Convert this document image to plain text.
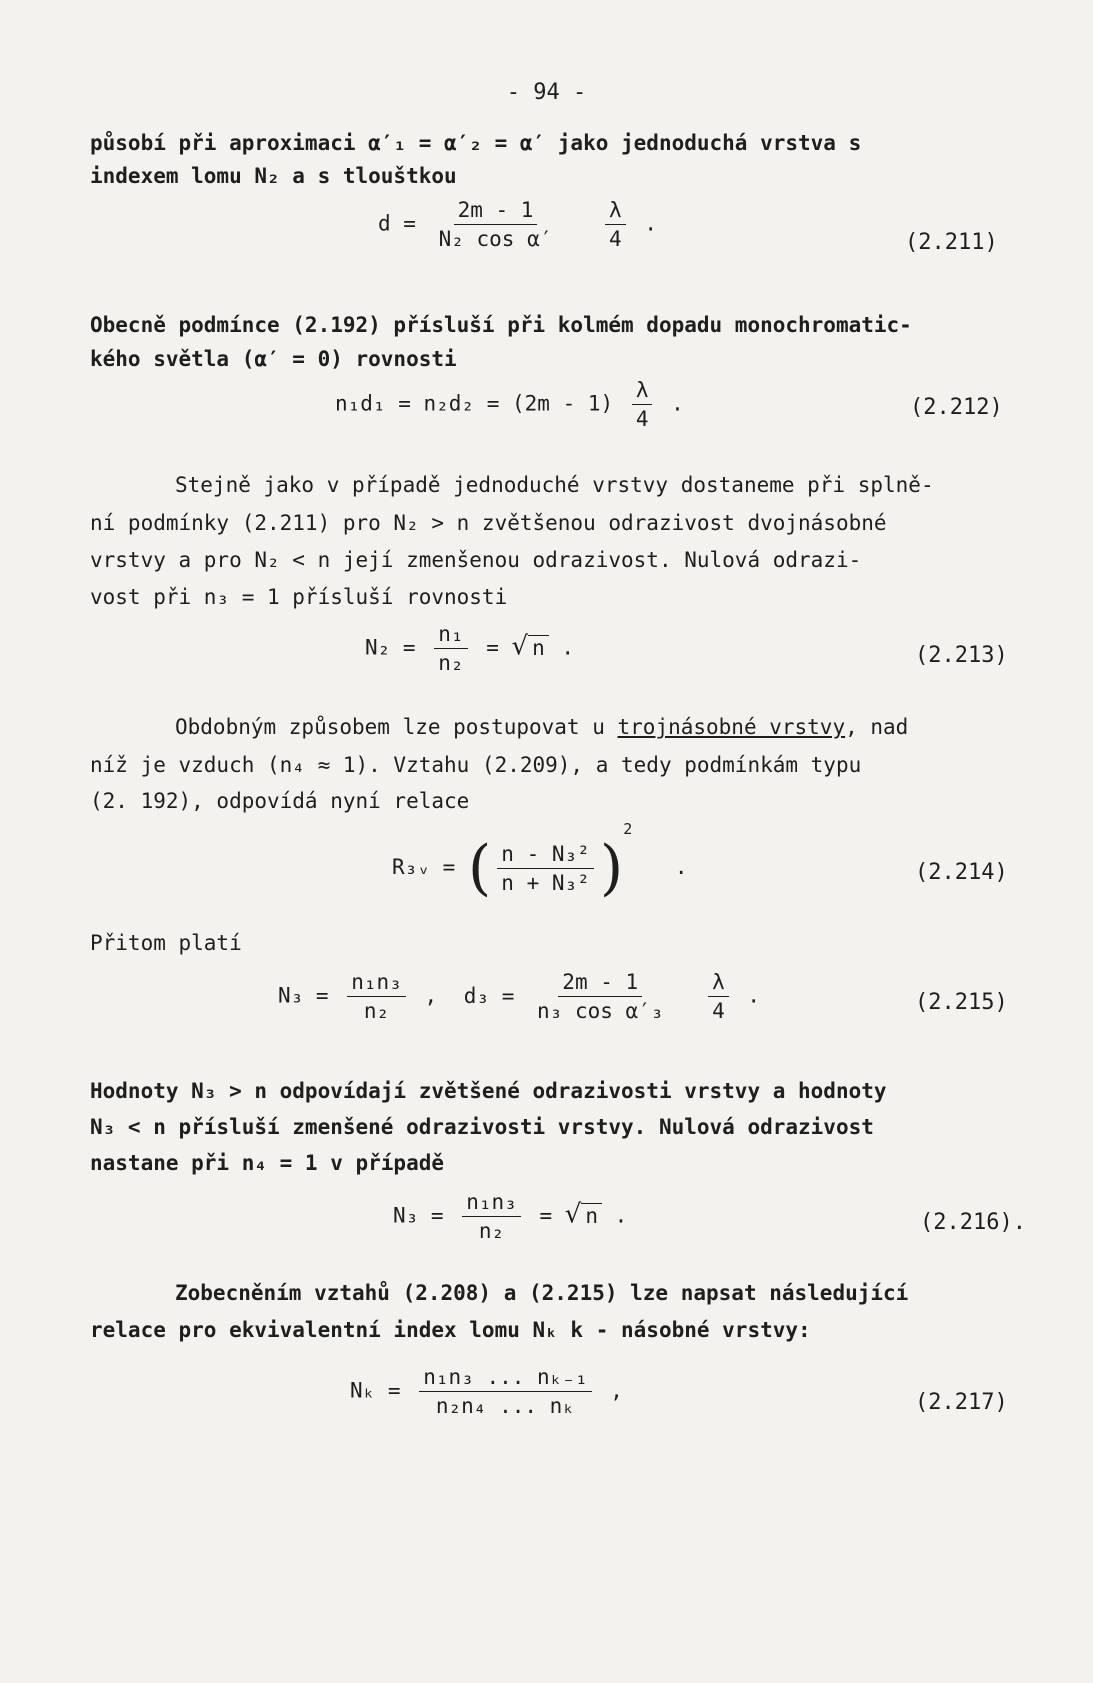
- 94 -
působí při aproximaci α′₁ = α′₂ = α′ jako jednoduchá vrstva s
indexem lomu N₂ a s tlouštkou
$d = \frac{2m - 1}{\text{N₂ cos α′}}$
$\frac{\lambda}{4}$ .
(2.211)
Obecně podmínce (2.192) přísluší při kolmém dopadu monochromatic-
kého světla (α′ = 0) rovnosti
$n_1d_1 = n_2d_2 = (2m - 1) \frac{\lambda}{4}$ .	(2.212)
Stejně jako v případě jednoduché vrstvy dostaneme při splně-
ní podmínky (2.211) pro N₂ > n zvětšenou odrazivost dvojnásobné
vrstvy a pro N₂ < n její zmenšenou odrazivost. Nulová odrazi-
vost při n₃ = 1 přísluší rovnosti
$N_2 = \frac{\text{n₁}}{\text{n₂}}$ = √ n .	(2.213)
Obdobným způsobem lze postupovat u trojnásobné vrstvy, nad
níž je vzduch (n₄ ≈ 1). Vztahu (2.209), a tedy podmínkám typu
(2. 192), odpovídá nyní relace
R₃ᵥ = ( $\frac{\text{n - N₃²}}{\text{n + N₃²}} )^2$ .	(2.214)
Přitom platí
$N_3 = \frac{\text{n₁n₃}}{\text{n₂}}$ , $d_3 = \frac{2m - 1}{\text{n₃ cos α′₃}}$
$\frac{\lambda}{4}$ .	(2.215)
Hodnoty N₃ > n odpovídají zvětšené odrazivosti vrstvy a hodnoty
N₃ < n přísluší zmenšené odrazivosti vrstvy. Nulová odrazivost
nastane při n₄ = 1 v případě
$N_3 = \frac{\text{n₁n₃}}{\text{n₂}}$ = √ n .	(2.216).
Zobecněním vztahů (2.208) a (2.215) lze napsat následující
relace pro ekvivalentní index lomu Nₖ k - násobné vrstvy:
$N_k = \frac{\text{n₁n₃ ... nₖ₋₁}}{\text{n₂n₄ ... nₖ}}$ ,	(2.217)
